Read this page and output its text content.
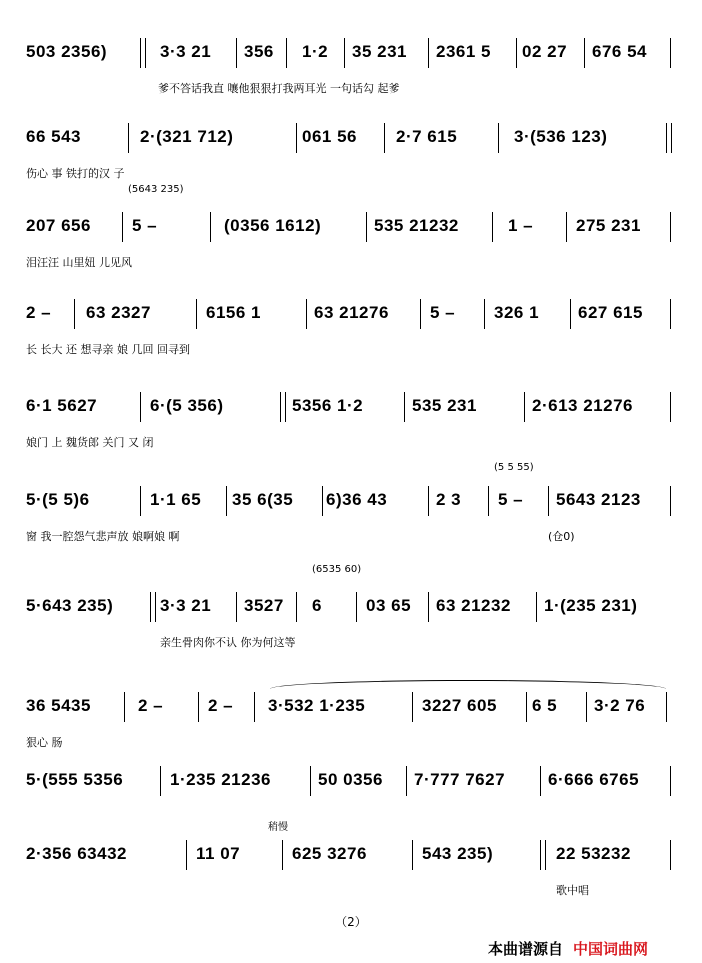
503 2356)	3·3 21 356 1·2 35 231 2361 5 02 27 676 54
爹不答话我直 嚷他狠狠打我两耳光 一句话勾 起爹
66 543	2·(321 712)	061 56 2·7 615	3·(536 123)
伤心 事 铁打的汉 子
(5643 235)
207 656 5 –	(0356 1612)	535 21232	1 –	275 231
泪汪汪 山里妞 儿见风
2 – 63 2327	6156 1	63 21276 5 – 326 1 627 615
长 长大 还 想寻亲 娘 几回 回寻到
6·1 5627	6·(5 356)	5356 1·2	535 231	2·613 21276
娘门 上 魏货郎 关门 又 闭
(5 5 55)
5·(5 5)6	1·1 65 35 6(35 6)36 43	2 3 5 – 5643 2123
窗 我一腔怨气悲声放 娘啊娘 啊	(仓0)
(6535 60)
5·643 235)	3·3 21 3527 6	03 65 63 21232 1·(235 231)
亲生骨肉你不认 你为何这等
36 5435	2 –	2 – 3·532 1·235	3227 605 6 5 3·2 76
狠心 肠
5·(555 5356	1·235 21236	50 0356 7·777 7627	6·666 6765
稍慢
2·356 63432	11 07	625 3276	543 235)	22 53232
歌中唱
（2）
本曲谱源自 中国词曲网
